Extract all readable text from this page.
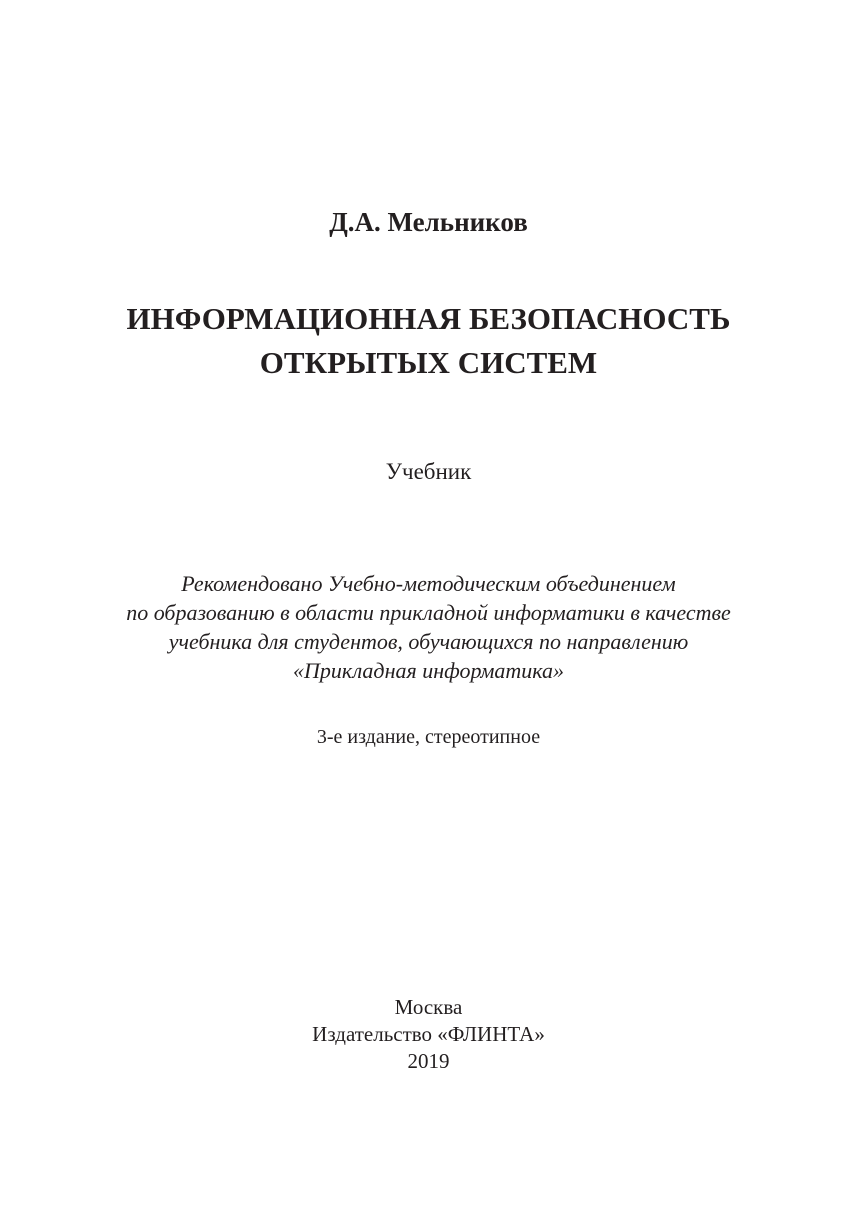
Д.А. Мельников
ИНФОРМАЦИОННАЯ БЕЗОПАСНОСТЬ
ОТКРЫТЫХ СИСТЕМ
Учебник
Рекомендовано Учебно-методическим объединением
по образованию в области прикладной информатики в качестве
учебника для студентов, обучающихся по направлению
«Прикладная информатика»
3-е издание, стереотипное
Москва
Издательство «ФЛИНТА»
2019
